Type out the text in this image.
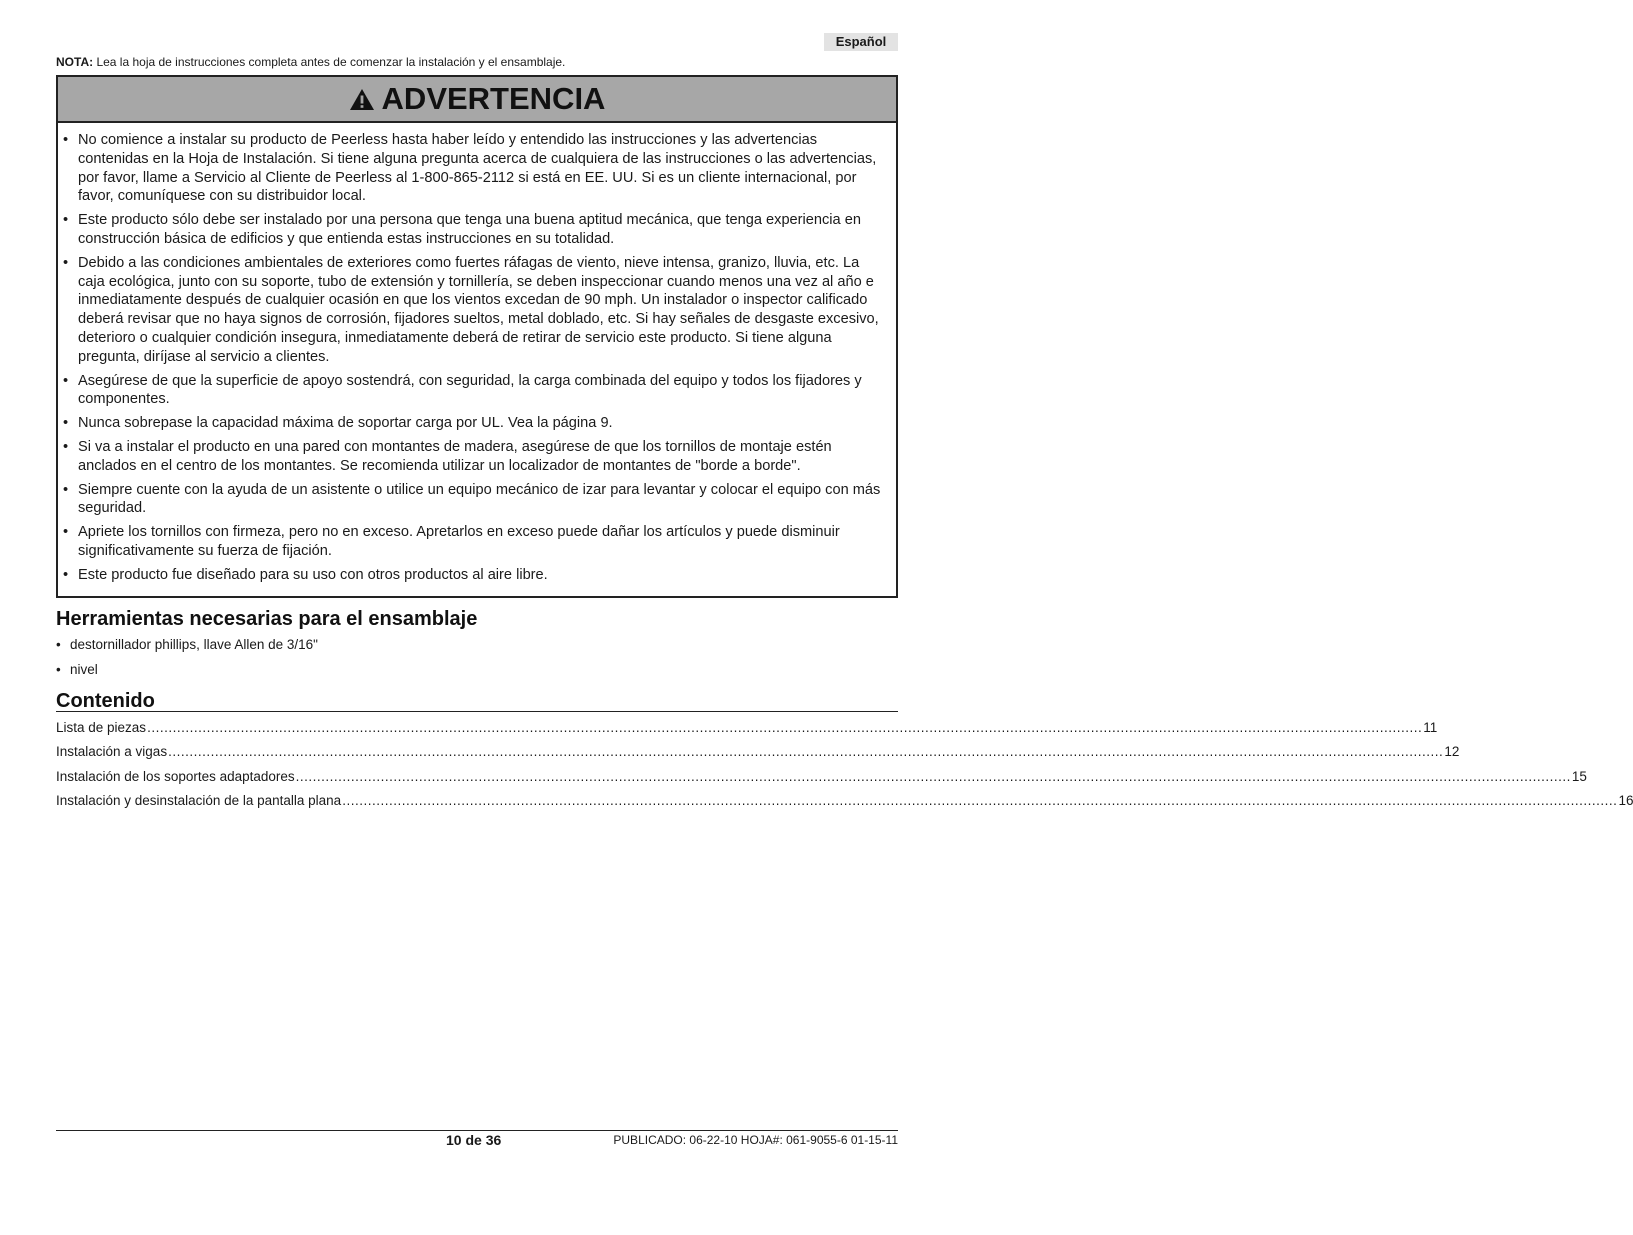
Español
NOTA: Lea la hoja de instrucciones completa antes de comenzar la instalación y el ensamblaje.
ADVERTENCIA
• No comience a instalar su producto de Peerless hasta haber leído y entendido las instrucciones y las advertencias contenidas en la Hoja de Instalación. Si tiene alguna pregunta acerca de cualquiera de las instrucciones o las advertencias, por favor, llame a Servicio al Cliente de Peerless al 1-800-865-2112 si está en EE. UU. Si es un cliente internacional, por favor, comuníquese con su distribuidor local.
• Este producto sólo debe ser instalado por una persona que tenga una buena aptitud mecánica, que tenga experiencia en construcción básica de edificios y que entienda estas instrucciones en su totalidad.
• Debido a las condiciones ambientales de exteriores como fuertes ráfagas de viento, nieve intensa, granizo, lluvia, etc. La caja ecológica, junto con su soporte, tubo de extensión y tornillería, se deben inspeccionar cuando menos una vez al año e inmediatamente después de cualquier ocasión en que los vientos excedan de 90 mph. Un instalador o inspector calificado deberá revisar que no haya signos de corrosión, fijadores sueltos, metal doblado, etc. Si hay señales de desgaste excesivo, deterioro o cualquier condición insegura, inmediatamente deberá de retirar de servicio este producto. Si tiene alguna pregunta, diríjase al servicio a clientes.
• Asegúrese de que la superficie de apoyo sostendrá, con seguridad, la carga combinada del equipo y todos los fijadores y componentes.
• Nunca sobrepase la capacidad máxima de soportar carga por UL. Vea la página 9.
• Si va a instalar el producto en una pared con montantes de madera, asegúrese de que los tornillos de montaje estén anclados en el centro de los montantes. Se recomienda utilizar un localizador de montantes de "borde a borde".
• Siempre cuente con la ayuda de un asistente o utilice un equipo mecánico de izar para levantar y colocar el equipo con más seguridad.
• Apriete los tornillos con firmeza, pero no en exceso. Apretarlos en exceso puede dañar los artículos y puede disminuir significativamente su fuerza de fijación.
• Este producto fue diseñado para su uso con otros productos al aire libre.
Herramientas necesarias para el ensamblaje
• destornillador phillips, llave Allen de 3/16"
• nivel
Contenido
Lista de piezas ............................................................................................................................................................................................................................................................................................................ 11
Instalación a vigas ............................................................................................................................................................................................................................................................................................................ 12
Instalación de los soportes adaptadores ............................................................................................................................................................................................................................................................................................................ 15
Instalación y desinstalación de la pantalla plana ............................................................................................................................................................................................................................................................................................................ 16
10 de 36	PUBLICADO: 06-22-10 HOJA#: 061-9055-6 01-15-11
